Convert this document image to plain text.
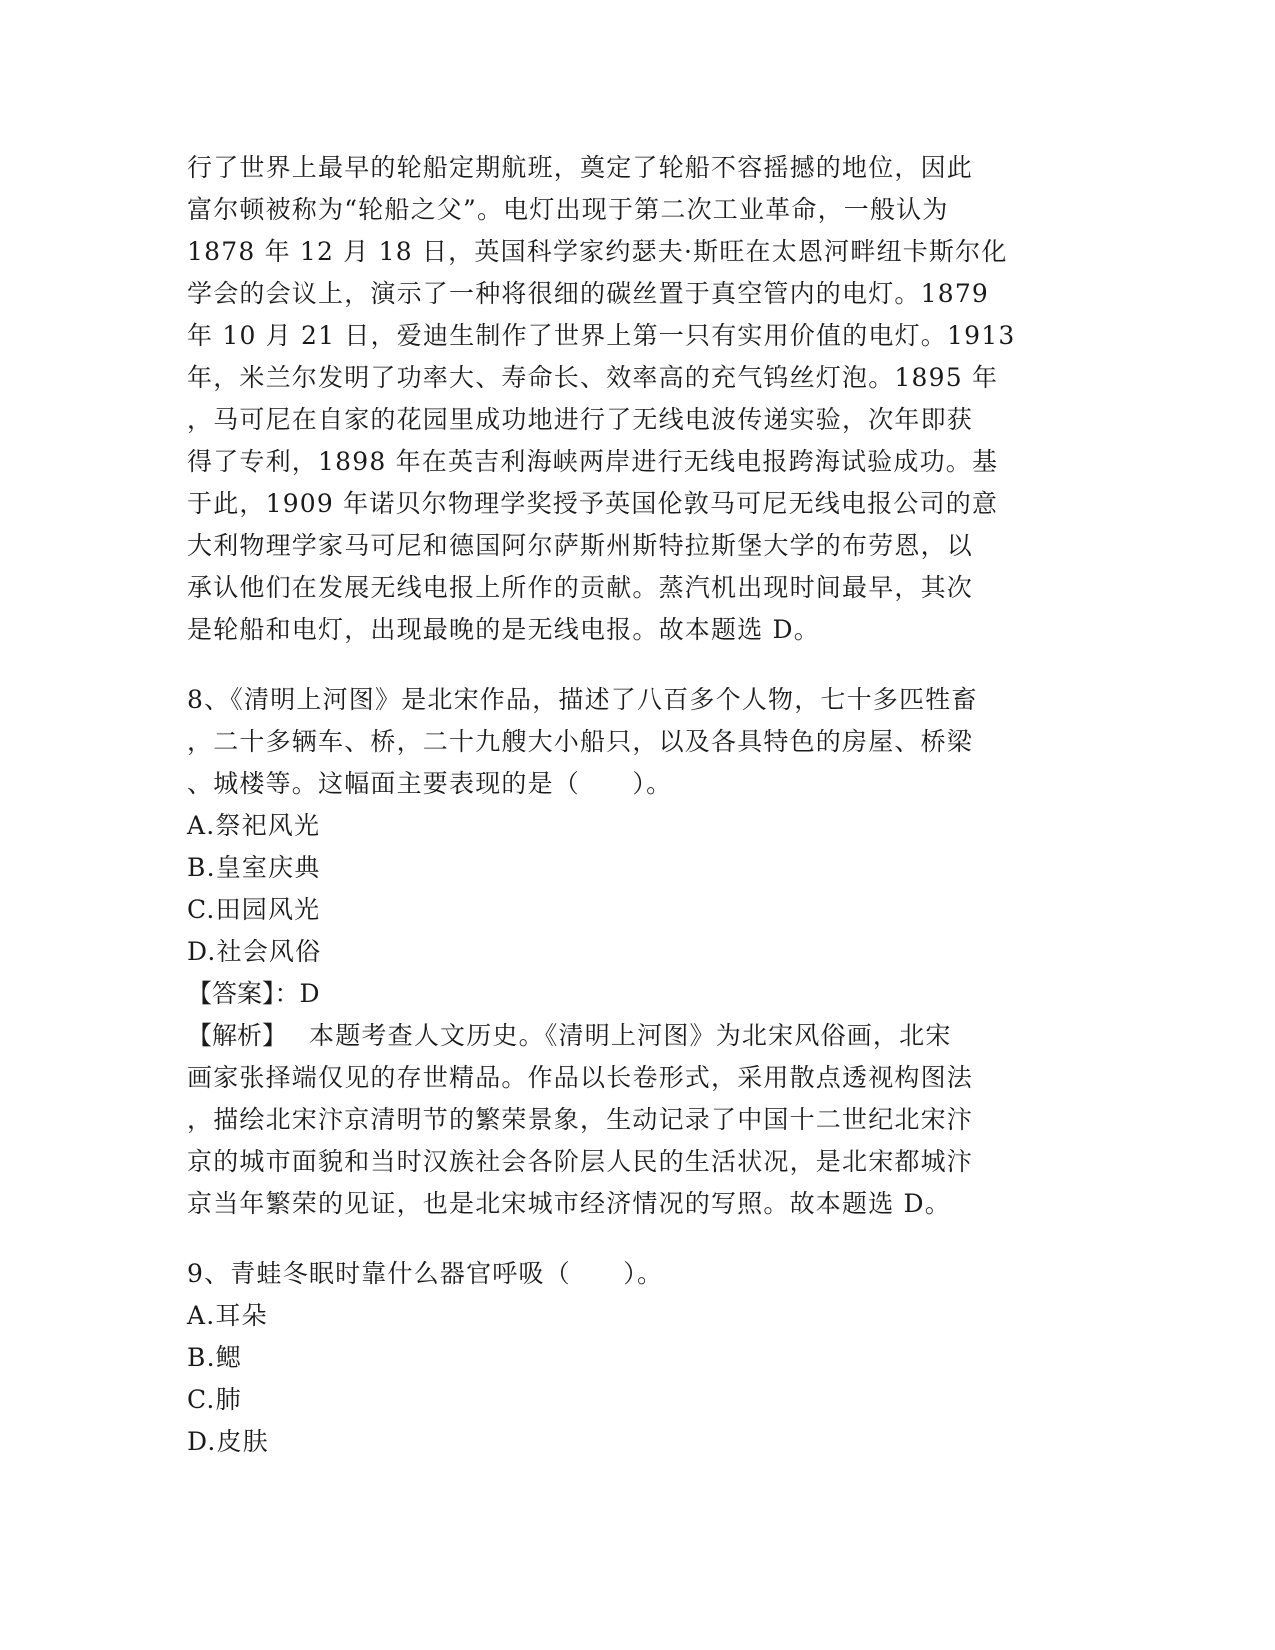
行了世界上最早的轮船定期航班，奠定了轮船不容摇撼的地位，因此
富尔顿被称为“轮船之父”。电灯出现于第二次工业革命，一般认为
1878 年 12 月 18 日，英国科学家约瑟夫·斯旺在太恩河畔纽卡斯尔化
学会的会议上，演示了一种将很细的碳丝置于真空管内的电灯。1879
年 10 月 21 日，爱迪生制作了世界上第一只有实用价值的电灯。1913
年，米兰尔发明了功率大、寿命长、效率高的充气钨丝灯泡。1895 年
，马可尼在自家的花园里成功地进行了无线电波传递实验，次年即获
得了专利，1898 年在英吉利海峡两岸进行无线电报跨海试验成功。基
于此，1909 年诺贝尔物理学奖授予英国伦敦马可尼无线电报公司的意
大利物理学家马可尼和德国阿尔萨斯州斯特拉斯堡大学的布劳恩，以
承认他们在发展无线电报上所作的贡献。蒸汽机出现时间最早，其次
是轮船和电灯，出现最晚的是无线电报。故本题选 D。
8、《清明上河图》是北宋作品，描述了八百多个人物，七十多匹牲畜
，二十多辆车、桥，二十九艘大小船只，以及各具特色的房屋、桥梁
、城楼等。这幅面主要表现的是（　　）。
A.祭祀风光
B.皇室庆典
C.田园风光
D.社会风俗
【答案】：D
【解析】 本题考查人文历史。《清明上河图》为北宋风俗画，北宋
画家张择端仅见的存世精品。作品以长卷形式，采用散点透视构图法
，描绘北宋汴京清明节的繁荣景象，生动记录了中国十二世纪北宋汴
京的城市面貌和当时汉族社会各阶层人民的生活状况，是北宋都城汴
京当年繁荣的见证，也是北宋城市经济情况的写照。故本题选 D。
9、青蛙冬眠时靠什么器官呼吸（　　）。
A.耳朵
B.鳃
C.肺
D.皮肤
